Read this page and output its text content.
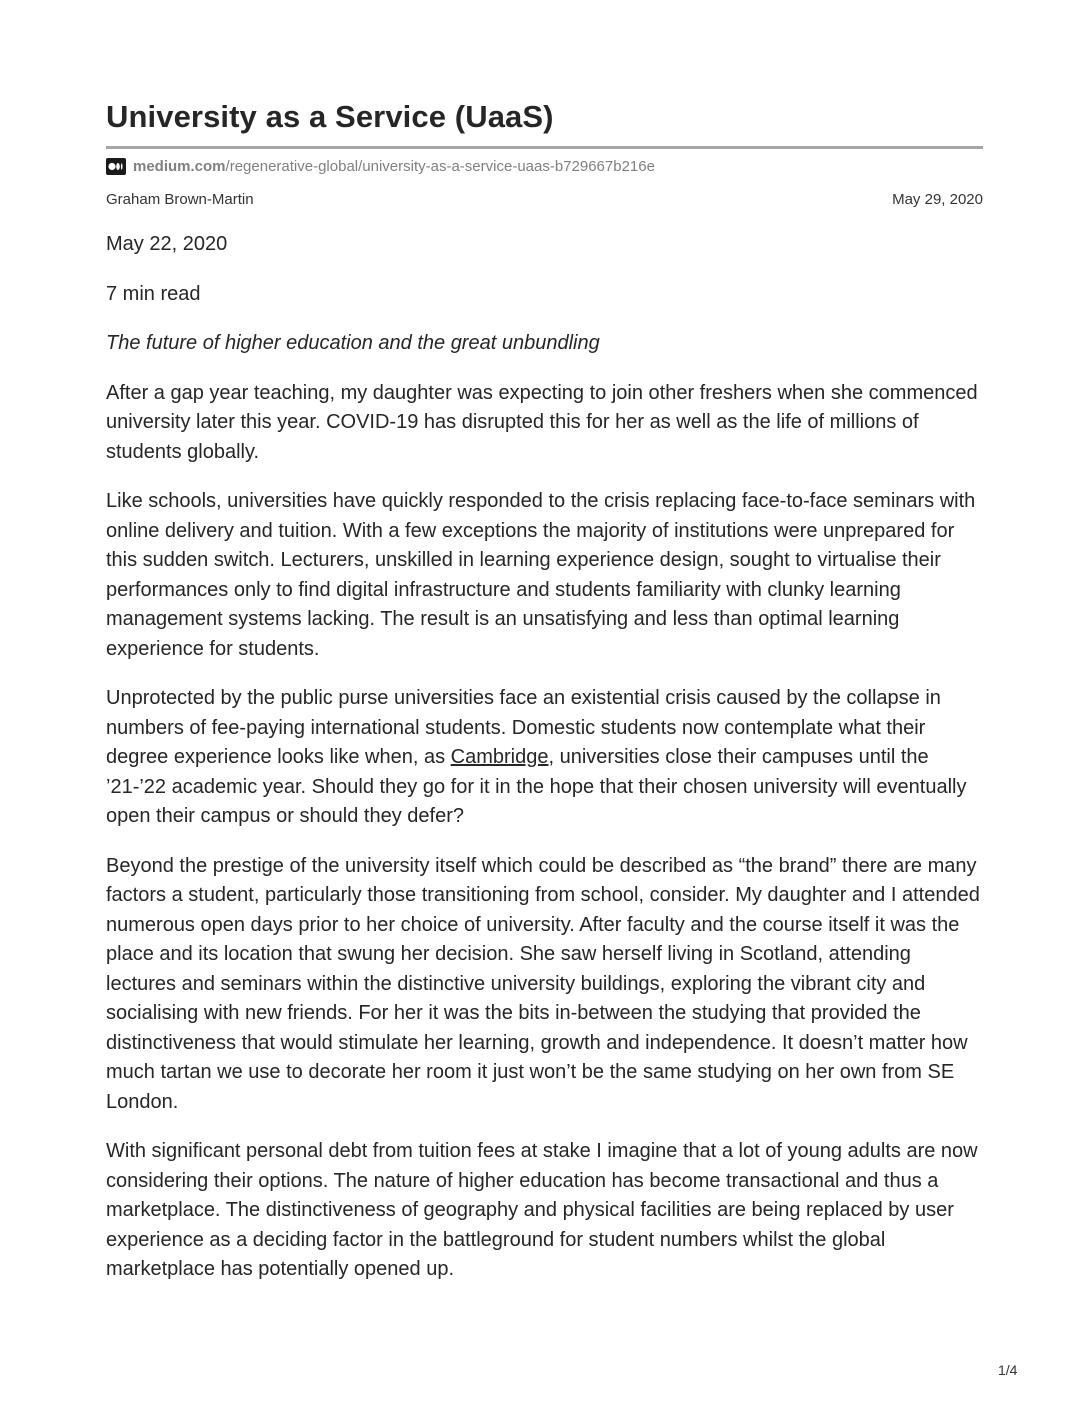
University as a Service (UaaS)
medium.com/regenerative-global/university-as-a-service-uaas-b729667b216e
Graham Brown-Martin	May 29, 2020

May 22, 2020

7 min read

The future of higher education and the great unbundling

After a gap year teaching, my daughter was expecting to join other freshers when she commenced university later this year. COVID-19 has disrupted this for her as well as the life of millions of students globally.

Like schools, universities have quickly responded to the crisis replacing face-to-face seminars with online delivery and tuition. With a few exceptions the majority of institutions were unprepared for this sudden switch. Lecturers, unskilled in learning experience design, sought to virtualise their performances only to find digital infrastructure and students familiarity with clunky learning management systems lacking. The result is an unsatisfying and less than optimal learning experience for students.

Unprotected by the public purse universities face an existential crisis caused by the collapse in numbers of fee-paying international students. Domestic students now contemplate what their degree experience looks like when, as Cambridge, universities close their campuses until the ’21-’22 academic year. Should they go for it in the hope that their chosen university will eventually open their campus or should they defer?

Beyond the prestige of the university itself which could be described as “the brand” there are many factors a student, particularly those transitioning from school, consider. My daughter and I attended numerous open days prior to her choice of university. After faculty and the course itself it was the place and its location that swung her decision. She saw herself living in Scotland, attending lectures and seminars within the distinctive university buildings, exploring the vibrant city and socialising with new friends. For her it was the bits in-between the studying that provided the distinctiveness that would stimulate her learning, growth and independence. It doesn’t matter how much tartan we use to decorate her room it just won’t be the same studying on her own from SE London.

With significant personal debt from tuition fees at stake I imagine that a lot of young adults are now considering their options. The nature of higher education has become transactional and thus a marketplace. The distinctiveness of geography and physical facilities are being replaced by user experience as a deciding factor in the battleground for student numbers whilst the global marketplace has potentially opened up.

1/4
